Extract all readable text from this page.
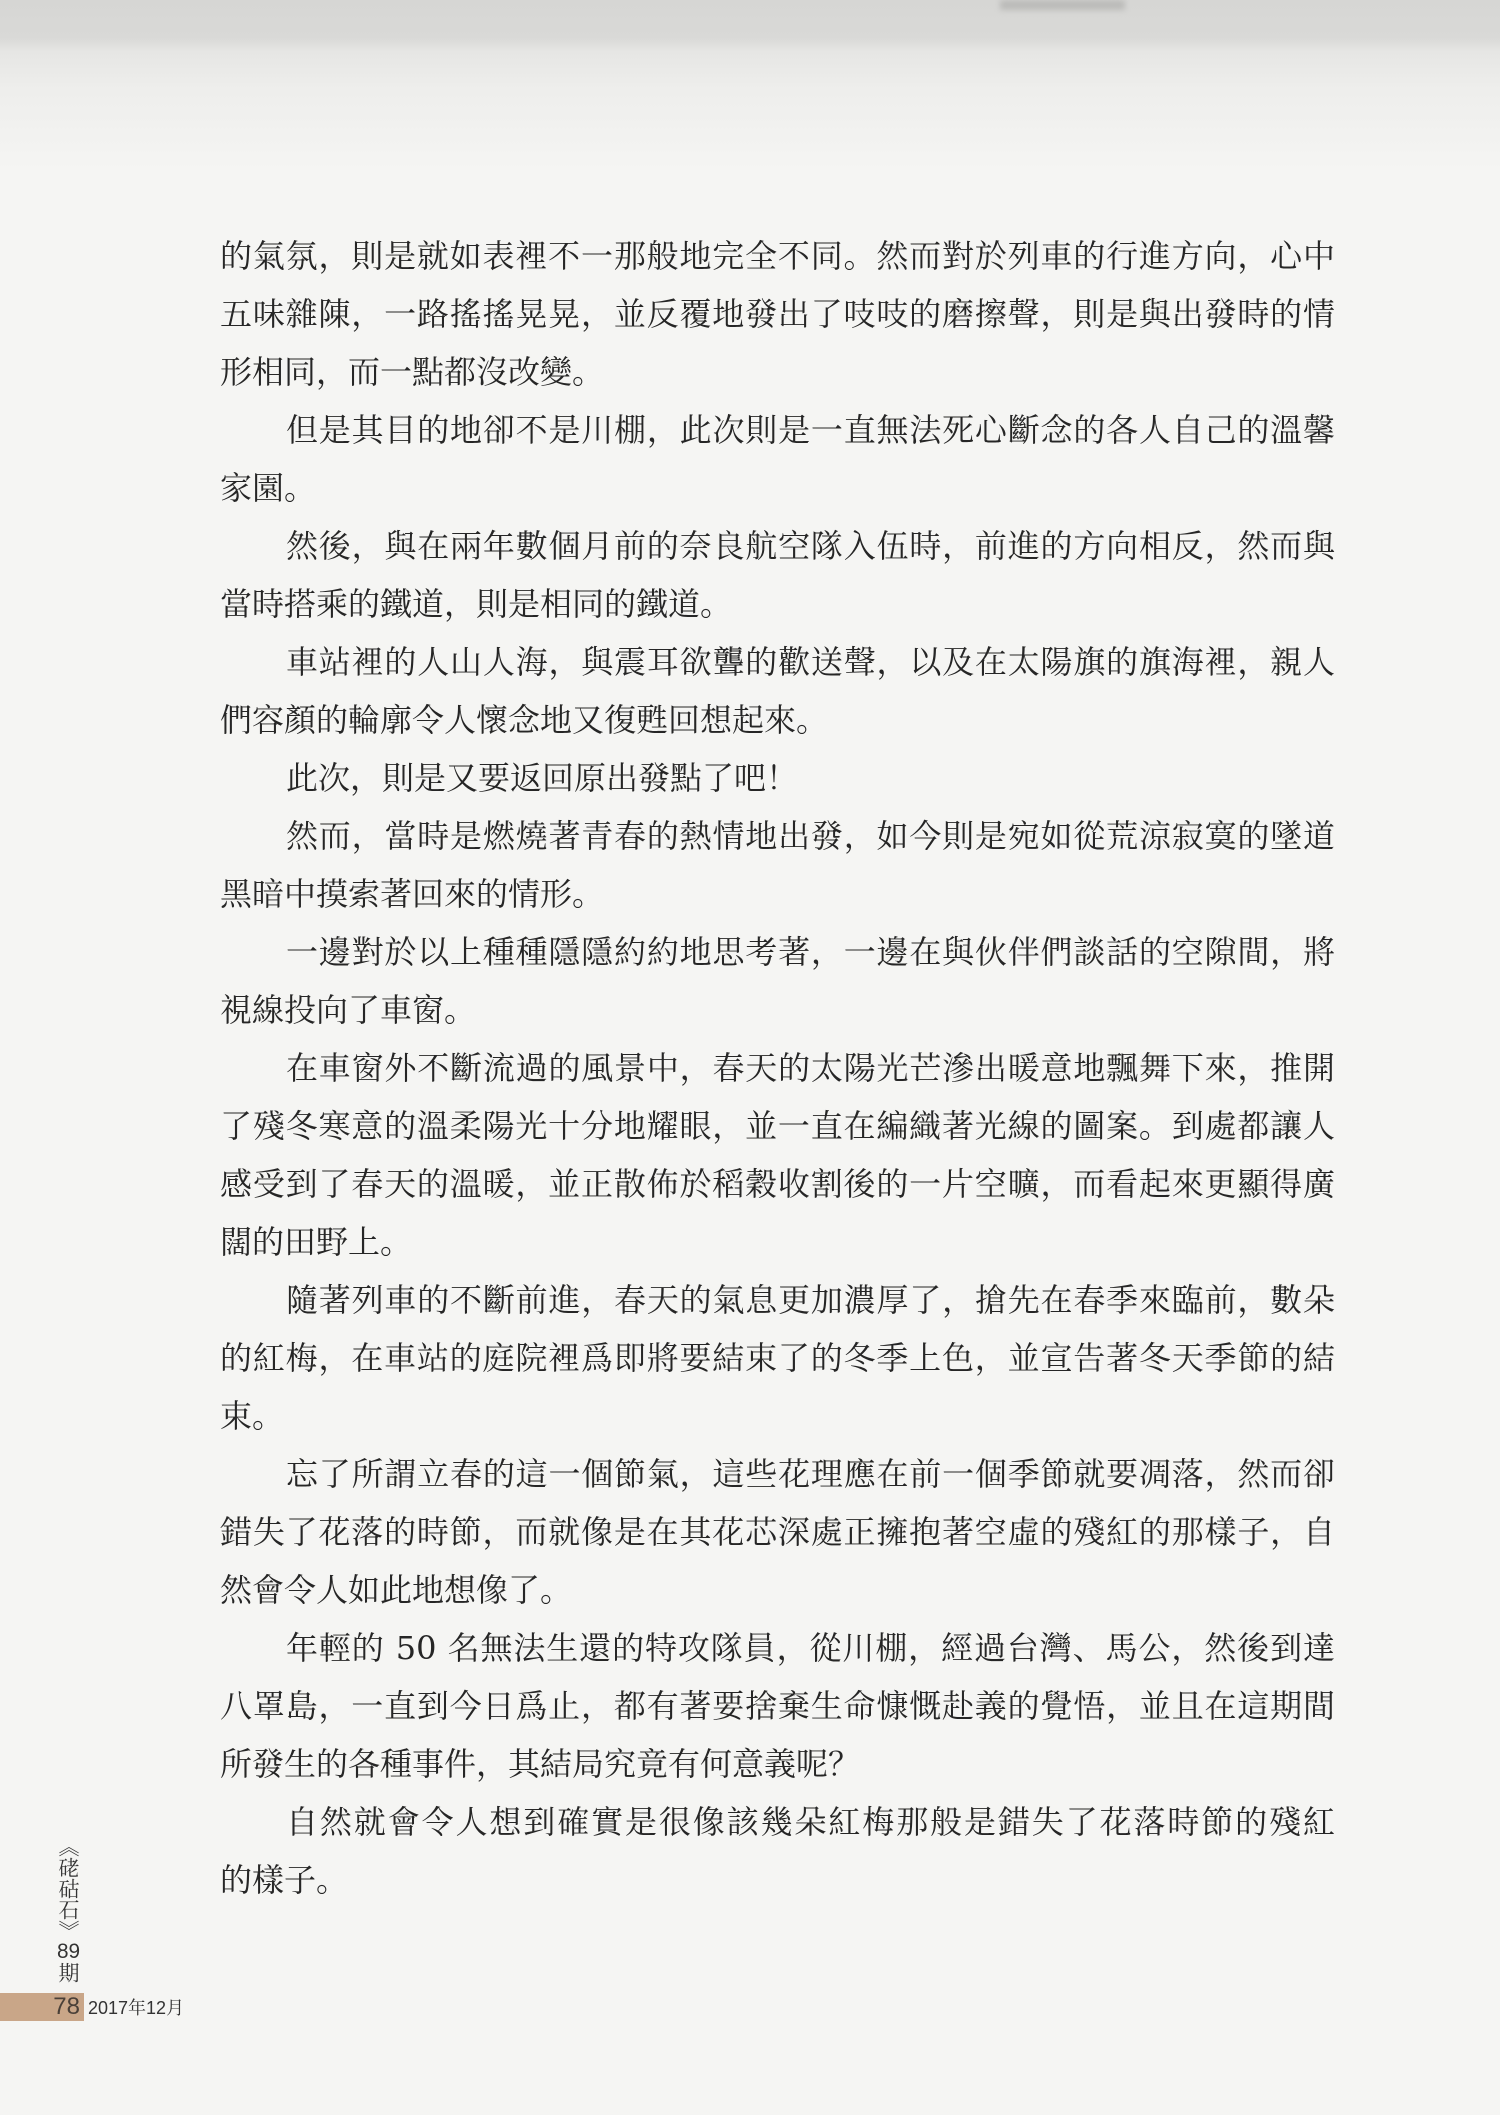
的氣氛，則是就如表裡不一那般地完全不同。然而對於列車的行進方向，心中
五味雜陳，一路搖搖晃晃，並反覆地發出了吱吱的磨擦聲，則是與出發時的情
形相同，而一點都沒改變。
但是其目的地卻不是川棚，此次則是一直無法死心斷念的各人自己的溫馨
家園。
然後，與在兩年數個月前的奈良航空隊入伍時，前進的方向相反，然而與
當時搭乘的鐵道，則是相同的鐵道。
車站裡的人山人海，與震耳欲聾的歡送聲，以及在太陽旗的旗海裡，親人
們容顏的輪廓令人懷念地又復甦回想起來。
此次，則是又要返回原出發點了吧！
然而，當時是燃燒著青春的熱情地出發，如今則是宛如從荒涼寂寞的墜道
黑暗中摸索著回來的情形。
一邊對於以上種種隱隱約約地思考著，一邊在與伙伴們談話的空隙間，將
視線投向了車窗。
在車窗外不斷流過的風景中，春天的太陽光芒滲出暖意地飄舞下來，推開
了殘冬寒意的溫柔陽光十分地耀眼，並一直在編織著光線的圖案。到處都讓人
感受到了春天的溫暖，並正散佈於稻穀收割後的一片空曠，而看起來更顯得廣
闊的田野上。
隨著列車的不斷前進，春天的氣息更加濃厚了，搶先在春季來臨前，數朵
的紅梅，在車站的庭院裡爲即將要結束了的冬季上色，並宣告著冬天季節的結
束。
忘了所謂立春的這一個節氣，這些花理應在前一個季節就要凋落，然而卻
錯失了花落的時節，而就像是在其花芯深處正擁抱著空虛的殘紅的那樣子，自
然會令人如此地想像了。
年輕的 50 名無法生還的特攻隊員，從川棚，經過台灣、馬公，然後到達
八罩島，一直到今日爲止，都有著要捨棄生命慷慨赴義的覺悟，並且在這期間
所發生的各種事件，其結局究竟有何意義呢？
自然就會令人想到確實是很像該幾朵紅梅那般是錯失了花落時節的殘紅
的樣子。
《硓𥑮石》89期
78 2017年12月
